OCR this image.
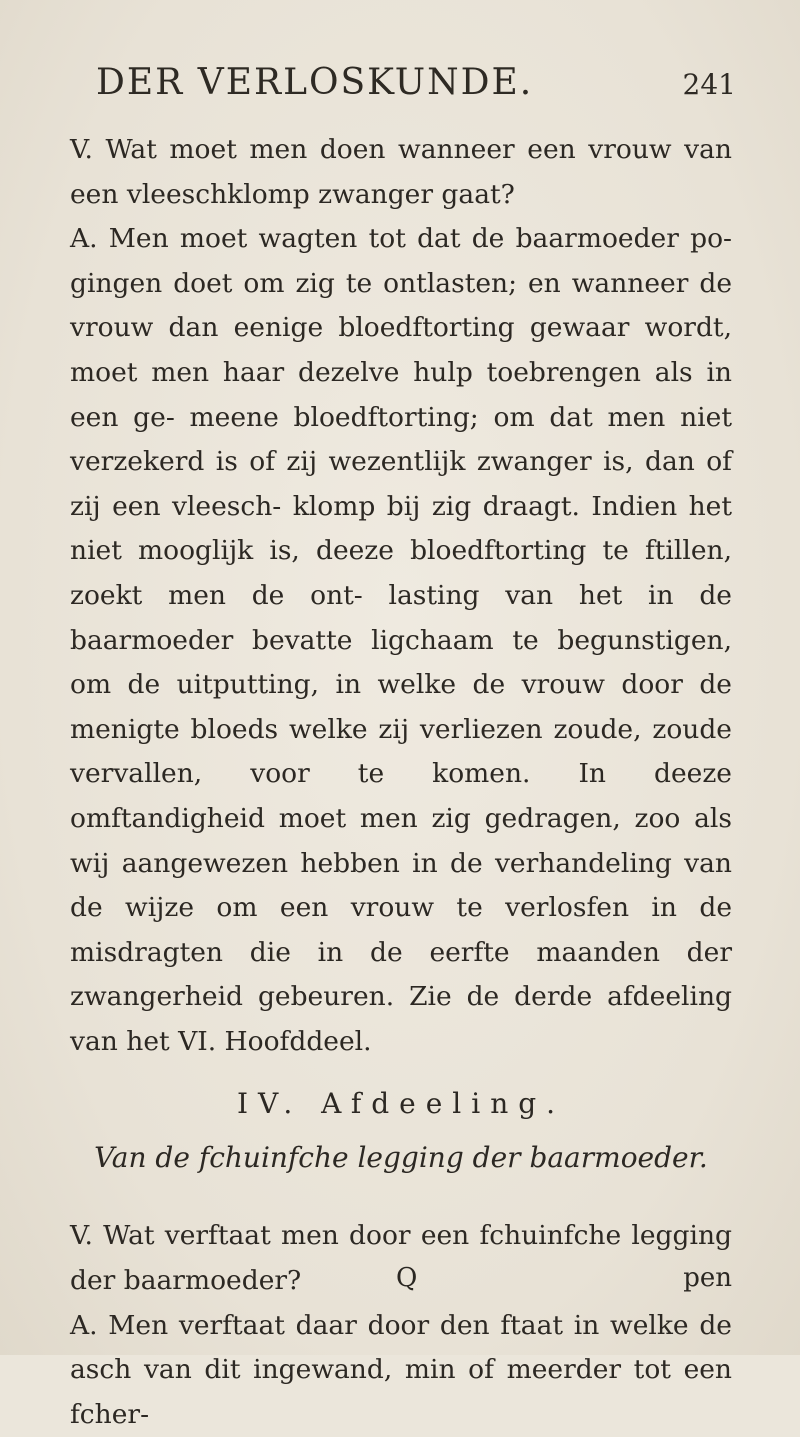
DER VERLOSKUNDE.	241

V. Wat moet men doen wanneer een vrouw van een vleeschklomp zwanger gaat?

A. Men moet wagten tot dat de baarmoeder po- gingen doet om zig te ontlasten; en wanneer de vrouw dan eenige bloedftorting gewaar wordt, moet men haar dezelve hulp toebrengen als in een ge- meene bloedftorting; om dat men niet verzekerd is of zij wezentlijk zwanger is, dan of zij een vleesch- klomp bij zig draagt. Indien het niet mooglijk is, deeze bloedftorting te ftillen, zoekt men de ont- lasting van het in de baarmoeder bevatte ligchaam te begunstigen, om de uitputting, in welke de vrouw door de menigte bloeds welke zij verliezen zoude, zoude vervallen, voor te komen. In deeze omftandigheid moet men zig gedragen, zoo als wij aangewezen hebben in de verhandeling van de wijze om een vrouw te verlosfen in de misdragten die in de eerfte maanden der zwangerheid gebeuren. Zie de derde afdeeling van het VI. Hoofddeel.

IV. Afdeeling.
Van de fchuinfche legging der baarmoeder.

V. Wat verftaat men door een fchuinfche legging der baarmoeder?

A. Men verftaat daar door den ftaat in welke de asch van dit ingewand, min of meerder tot een fcher-

Q	pen
